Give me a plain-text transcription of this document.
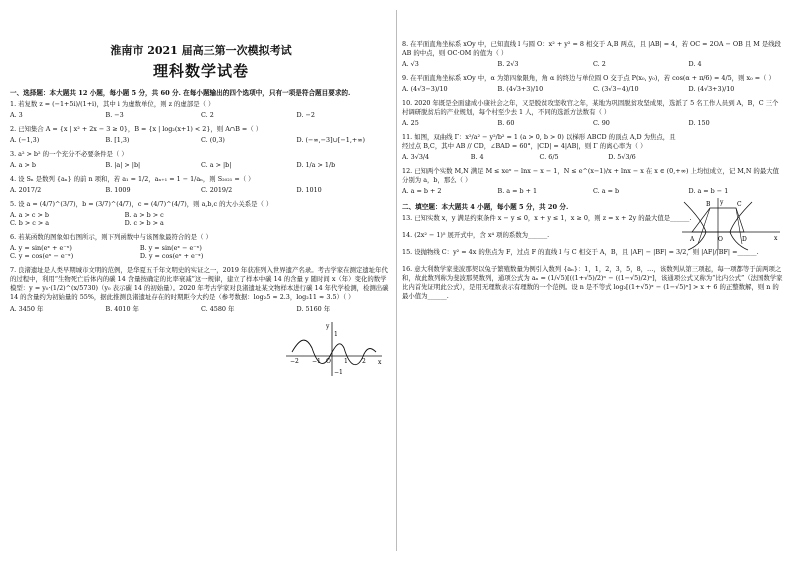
淮南市 2021 届高三第一次模拟考试
理科数学试卷
一、选择题：本大题共 12 小题，每小题 5 分，共 60 分. 在每小题输出的四个选项中，只有一项是符合题目要求的.
1. 若复数 z = (−1+5i)/(1+i)，其中 i 为虚数单位，则 z 的虚部是（ ）
A. 3	B. −3	C. 2	D. −2
2. 已知集合 A = {x | x² + 2x − 3 ≥ 0}，B = {x | log₂(x+1) < 2}，则 A∩B =（ ）
A. (−1,3)	B. [1,3)	C. (0,3)	D. (−∞,−3]∪[−1,+∞)
3. a² > b² 的一个充分不必要条件是（ ）
A. a > b	B. |a| > |b|	C. a > |b|	D. 1/a > 1/b
4. 设 Sₙ 是数列 {aₙ} 的前 n 项和，若 a₁ = 1/2，aₙ₊₁ = 1 − 1/aₙ，则 S₂₀₂₁ =（ ）
A. 2017/2	B. 1009	C. 2019/2	D. 1010
5. 设 a = (4/7)^(3/7)，b = (3/7)^(4/7)，c = (4/7)^(4/7)，则 a,b,c 的大小关系是（ ）
A. a > c > b	B. a > b > c
C. b > c > a	D. c > b > a
6. 若某函数的图象如右图所示，则下列函数中与该图象最符合的是（ ）
A. y = sin(eˣ + e⁻ˣ)	B. y = sin(eˣ − e⁻ˣ)
C. y = cos(eˣ − e⁻ˣ)	D. y = cos(eˣ + e⁻ˣ)
7. 良渚遗址是人类早期城市文明的范例，是华夏五千年文明史的实证之一，2019 年获准列入世界遗产名录。考古学家在测定遗址年代的过程中，利用“生物死亡后体内的碳 14 含量按确定的比率衰减”这一规律，建立了样本中碳 14 的含量 y 随时间 x（年）变化的数学模型：y = y₀·(1/2)^(x/5730)（y₀ 表示碳 14 的初始量）。2020 年考古学家对良渚遗址某文物样本进行碳 14 年代学检测，检测出碳 14 的含量约为初始量的 55%，据此推测良渚遗址存在的时期距今大约是（参考数据：log₂5 ≈ 2.3，log₂11 ≈ 3.5）（ ）
A. 3450 年	B. 4010 年	C. 4580 年	D. 5160 年
y
x
O
−2 −1	1 2
1
−1
8. 在平面直角坐标系 xOy 中，已知直线 l 与圆 O：x² + y² = 8 相交于 A,B 两点，且 |AB| = 4，若 OC = 2OA − OB 且 M 是线段 AB 的中点，则 OC·OM 的值为（ ）
A. √3	B. 2√3	C. 2	D. 4
9. 在平面直角坐标系 xOy 中，α 为第四象限角，角 α 的终边与单位圆 O 交于点 P(x₀, y₀)，若 cos(α + π/6) = 4/5，则 x₀ =（ ）
A. (4√3−3)/10	B. (4√3+3)/10	C. (3√3−4)/10	D. (4√3+3)/10
10. 2020 年既是全面建成小康社会之年，又是脱贫攻坚收官之年，某地为巩固脱贫攻坚成果，选派了 5 名工作人员到 A，B，C 三个村调研脱贫后的产业规划，每个村至少去 1 人，不同的选派方法数有（ ）
A. 25	B. 60	C. 90	D. 150
11. 如图，双曲线 Γ：x²/a² − y²/b² = 1 (a > 0, b > 0) 以梯形 ABCD 的顶点 A,D 为焦点，且经过点 B,C，其中 AB // CD，∠BAD = 60°，|CD| = 4|AB|，则 Γ 的离心率为（ ）
A. 3√3/4	B. 4	C. 6/5	D. 5√3/6
12. 已知两个实数 M,N 满足 M ≤ xeˣ − lnx − x − 1，N ≤ e^(x−1)/x + lnx − x 在 x ∈ (0,+∞) 上均恒成立，记 M,N 的最大值分别为 a，b，那么（ ）
A. a = b + 2	B. a = b + 1	C. a = b	D. a = b − 1
二、填空题：本大题共 4 小题，每小题 5 分，共 20 分.
13. 已知实数 x，y 满足约束条件 x − y ≤ 0，x + y ≤ 1，x ≥ 0，则 z = x + 2y 的最大值是______.
14. (2x² − 1)⁵ 展开式中，含 x⁴ 项的系数为______.
15. 设抛物线 C：y² = 4x 的焦点为 F，过点 F 的直线 l 与 C 相交于 A，B，且 |AF| − |BF| = 3/2，则 |AF|/|BF| =______.
16. 意大利数学家斐波那契以兔子繁殖数量为例引入数列 {aₙ}：1，1，2，3，5，8，…，该数列从第三项起，每一项都等于前两项之和，故此数列称为斐波那契数列，通项公式为 aₙ = (1/√5)[((1+√5)/2)ⁿ − ((1−√5)/2)ⁿ]，该通项公式又称为“比内公式”（法国数学家比内首先证明此公式），是用无理数表示有理数的一个范例。设 n 是不等式 log₂[(1+√5)ˣ − (1−√5)ˣ] > x + 6 的正整数解，则 n 的最小值为______.
B	C
A	O	D
y
x
